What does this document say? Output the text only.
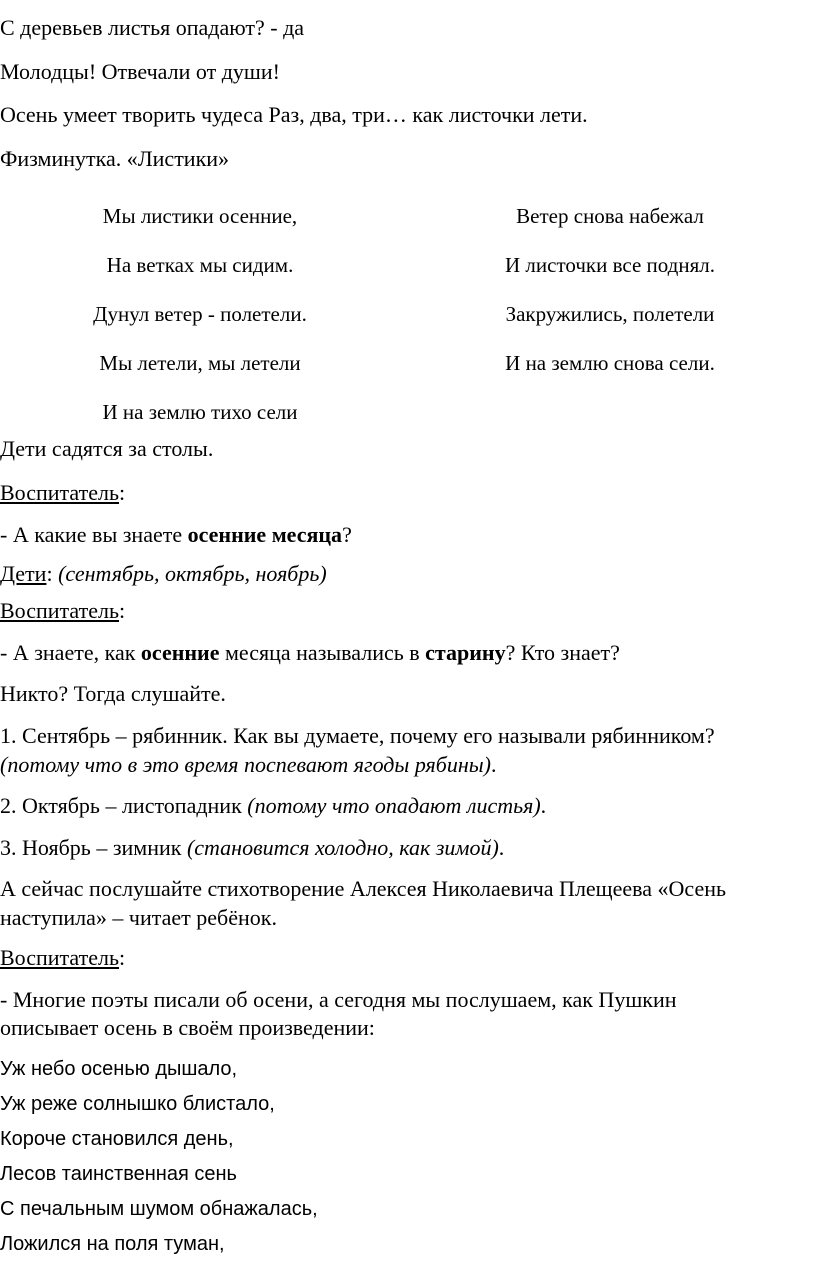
С деревьев листья опадают? - да
Молодцы! Отвечали от души!
Осень умеет творить чудеса Раз, два, три… как листочки лети.
Физминутка. «Листики»
Мы листики осенние,
На ветках мы сидим.
Дунул ветер - полетели.
Мы летели, мы летели
И на землю тихо сели
Ветер снова набежал
И листочки все поднял.
Закружились, полетели
И на землю снова сели.
Дети садятся за столы.
Воспитатель:
- А какие вы знаете осенние месяца?
Дети: (сентябрь, октябрь, ноябрь)
Воспитатель:
- А знаете, как осенние месяца назывались в старину? Кто знает?
Никто? Тогда слушайте.
1. Сентябрь – рябинник. Как вы думаете, почему его называли рябинником?
(потому что в это время поспевают ягоды рябины).
2. Октябрь – листопадник (потому что опадают листья).
3. Ноябрь – зимник (становится холодно, как зимой).
А сейчас послушайте стихотворение Алексея Николаевича Плещеева «Осень
наступила» – читает ребёнок.
Воспитатель:
- Многие поэты писали об осени, а сегодня мы послушаем, как Пушкин
описывает осень в своём произведении:
Уж небо осенью дышало,
Уж реже солнышко блистало,
Короче становился день,
Лесов таинственная сень
С печальным шумом обнажалась,
Ложился на поля туман,
